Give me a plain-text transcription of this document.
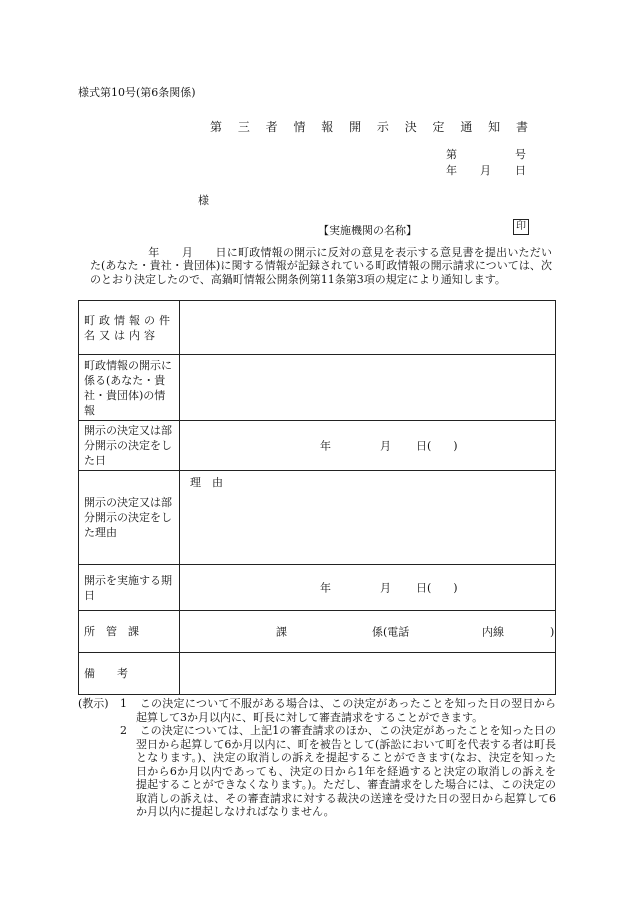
様式第10号(第6条関係)
第 三 者 情 報 開 示 決 定 通 知 書
第	号
年 月 日
様
【実施機関の名称】	印
年　　月　　日に町政情報の開示に反対の意見を表示する意見書を提出いただいた(あなた・貴社・貴団体)に関する情報が記録されている町政情報の開示請求については、次のとおり決定したので、高鍋町情報公開条例第11条第3項の規定により通知します。
町政情報の件名又は内容	

町政情報の開示に係る(あなた・貴社・貴団体)の情報	

開示の決定又は部分開示の決定をした日	年 月 日(　　)

開示の決定又は部分開示の決定をした理由	理　由

開示を実施する期日	年 月 日(　　)

所　管　課	課 係(電話 内線 )

備　　考	

(教示) 1 この決定について不服がある場合は、この決定があったことを知った日の翌日から起算して3か月以内に、町長に対して審査請求をすることができます。
2 この決定については、上記1の審査請求のほか、この決定があったことを知った日の翌日から起算して6か月以内に、町を被告として(訴訟において町を代表する者は町長となります。)、決定の取消しの訴えを提起することができます(なお、決定を知った日から6か月以内であっても、決定の日から1年を経過すると決定の取消しの訴えを提起することができなくなります。)。ただし、審査請求をした場合には、この決定の取消しの訴えは、その審査請求に対する裁決の送達を受けた日の翌日から起算して6か月以内に提起しなければなりません。
